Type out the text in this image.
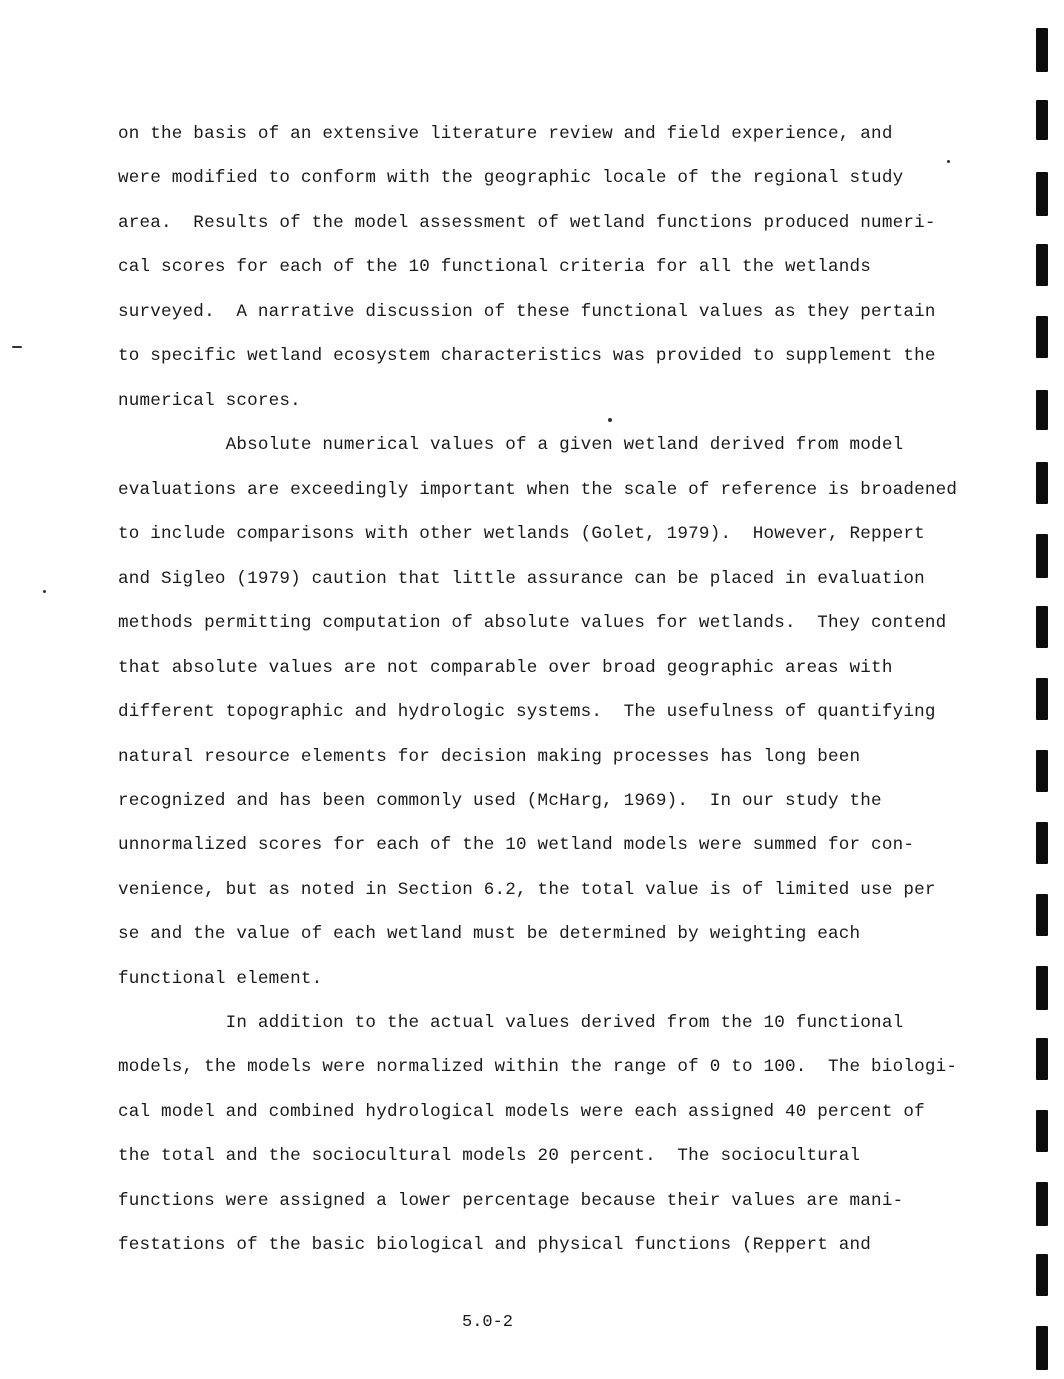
on the basis of an extensive literature review and field experience, and
were modified to conform with the geographic locale of the regional study
area.  Results of the model assessment of wetland functions produced numeri-
cal scores for each of the 10 functional criteria for all the wetlands
surveyed.  A narrative discussion of these functional values as they pertain
to specific wetland ecosystem characteristics was provided to supplement the
numerical scores.
Absolute numerical values of a given wetland derived from model
evaluations are exceedingly important when the scale of reference is broadened
to include comparisons with other wetlands (Golet, 1979).  However, Reppert
and Sigleo (1979) caution that little assurance can be placed in evaluation
methods permitting computation of absolute values for wetlands.  They contend
that absolute values are not comparable over broad geographic areas with
different topographic and hydrologic systems.  The usefulness of quantifying
natural resource elements for decision making processes has long been
recognized and has been commonly used (McHarg, 1969).  In our study the
unnormalized scores for each of the 10 wetland models were summed for con-
venience, but as noted in Section 6.2, the total value is of limited use per
se and the value of each wetland must be determined by weighting each
functional element.
In addition to the actual values derived from the 10 functional
models, the models were normalized within the range of 0 to 100.  The biologi-
cal model and combined hydrological models were each assigned 40 percent of
the total and the sociocultural models 20 percent.  The sociocultural
functions were assigned a lower percentage because their values are mani-
festations of the basic biological and physical functions (Reppert and
5.0-2
